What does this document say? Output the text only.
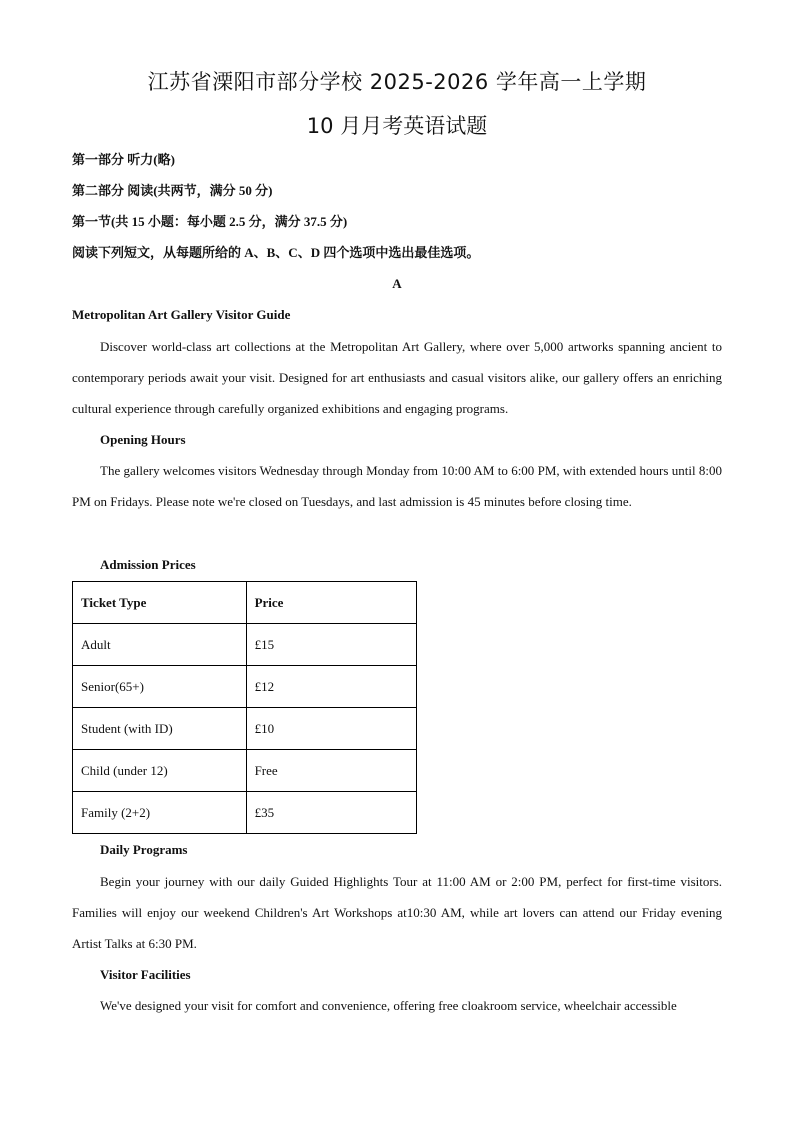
江苏省溧阳市部分学校 2025-2026 学年高一上学期
10 月月考英语试题
第一部分 听力(略)
第二部分 阅读(共两节，满分 50 分)
第一节(共 15 小题：每小题 2.5 分，满分 37.5 分)
阅读下列短文，从每题所给的 A、B、C、D 四个选项中选出最佳选项。
A
Metropolitan Art Gallery Visitor Guide
Discover world-class art collections at the Metropolitan Art Gallery, where over 5,000 artworks spanning ancient to contemporary periods await your visit. Designed for art enthusiasts and casual visitors alike, our gallery offers an enriching cultural experience through carefully organized exhibitions and engaging programs.
Opening Hours
The gallery welcomes visitors Wednesday through Monday from 10:00 AM to 6:00 PM, with extended hours until 8:00 PM on Fridays. Please note we're closed on Tuesdays, and last admission is 45 minutes before closing time.
Admission Prices
Ticket Type	Price
Adult	£15
Senior(65+)	£12
Student (with ID)	£10
Child (under 12)	Free
Family (2+2)	£35
Daily Programs
Begin your journey with our daily Guided Highlights Tour at 11:00 AM or 2:00 PM, perfect for first-time visitors. Families will enjoy our weekend Children's Art Workshops at10:30 AM, while art lovers can attend our Friday evening Artist Talks at 6:30 PM.
Visitor Facilities
We've designed your visit for comfort and convenience, offering free cloakroom service, wheelchair accessible
